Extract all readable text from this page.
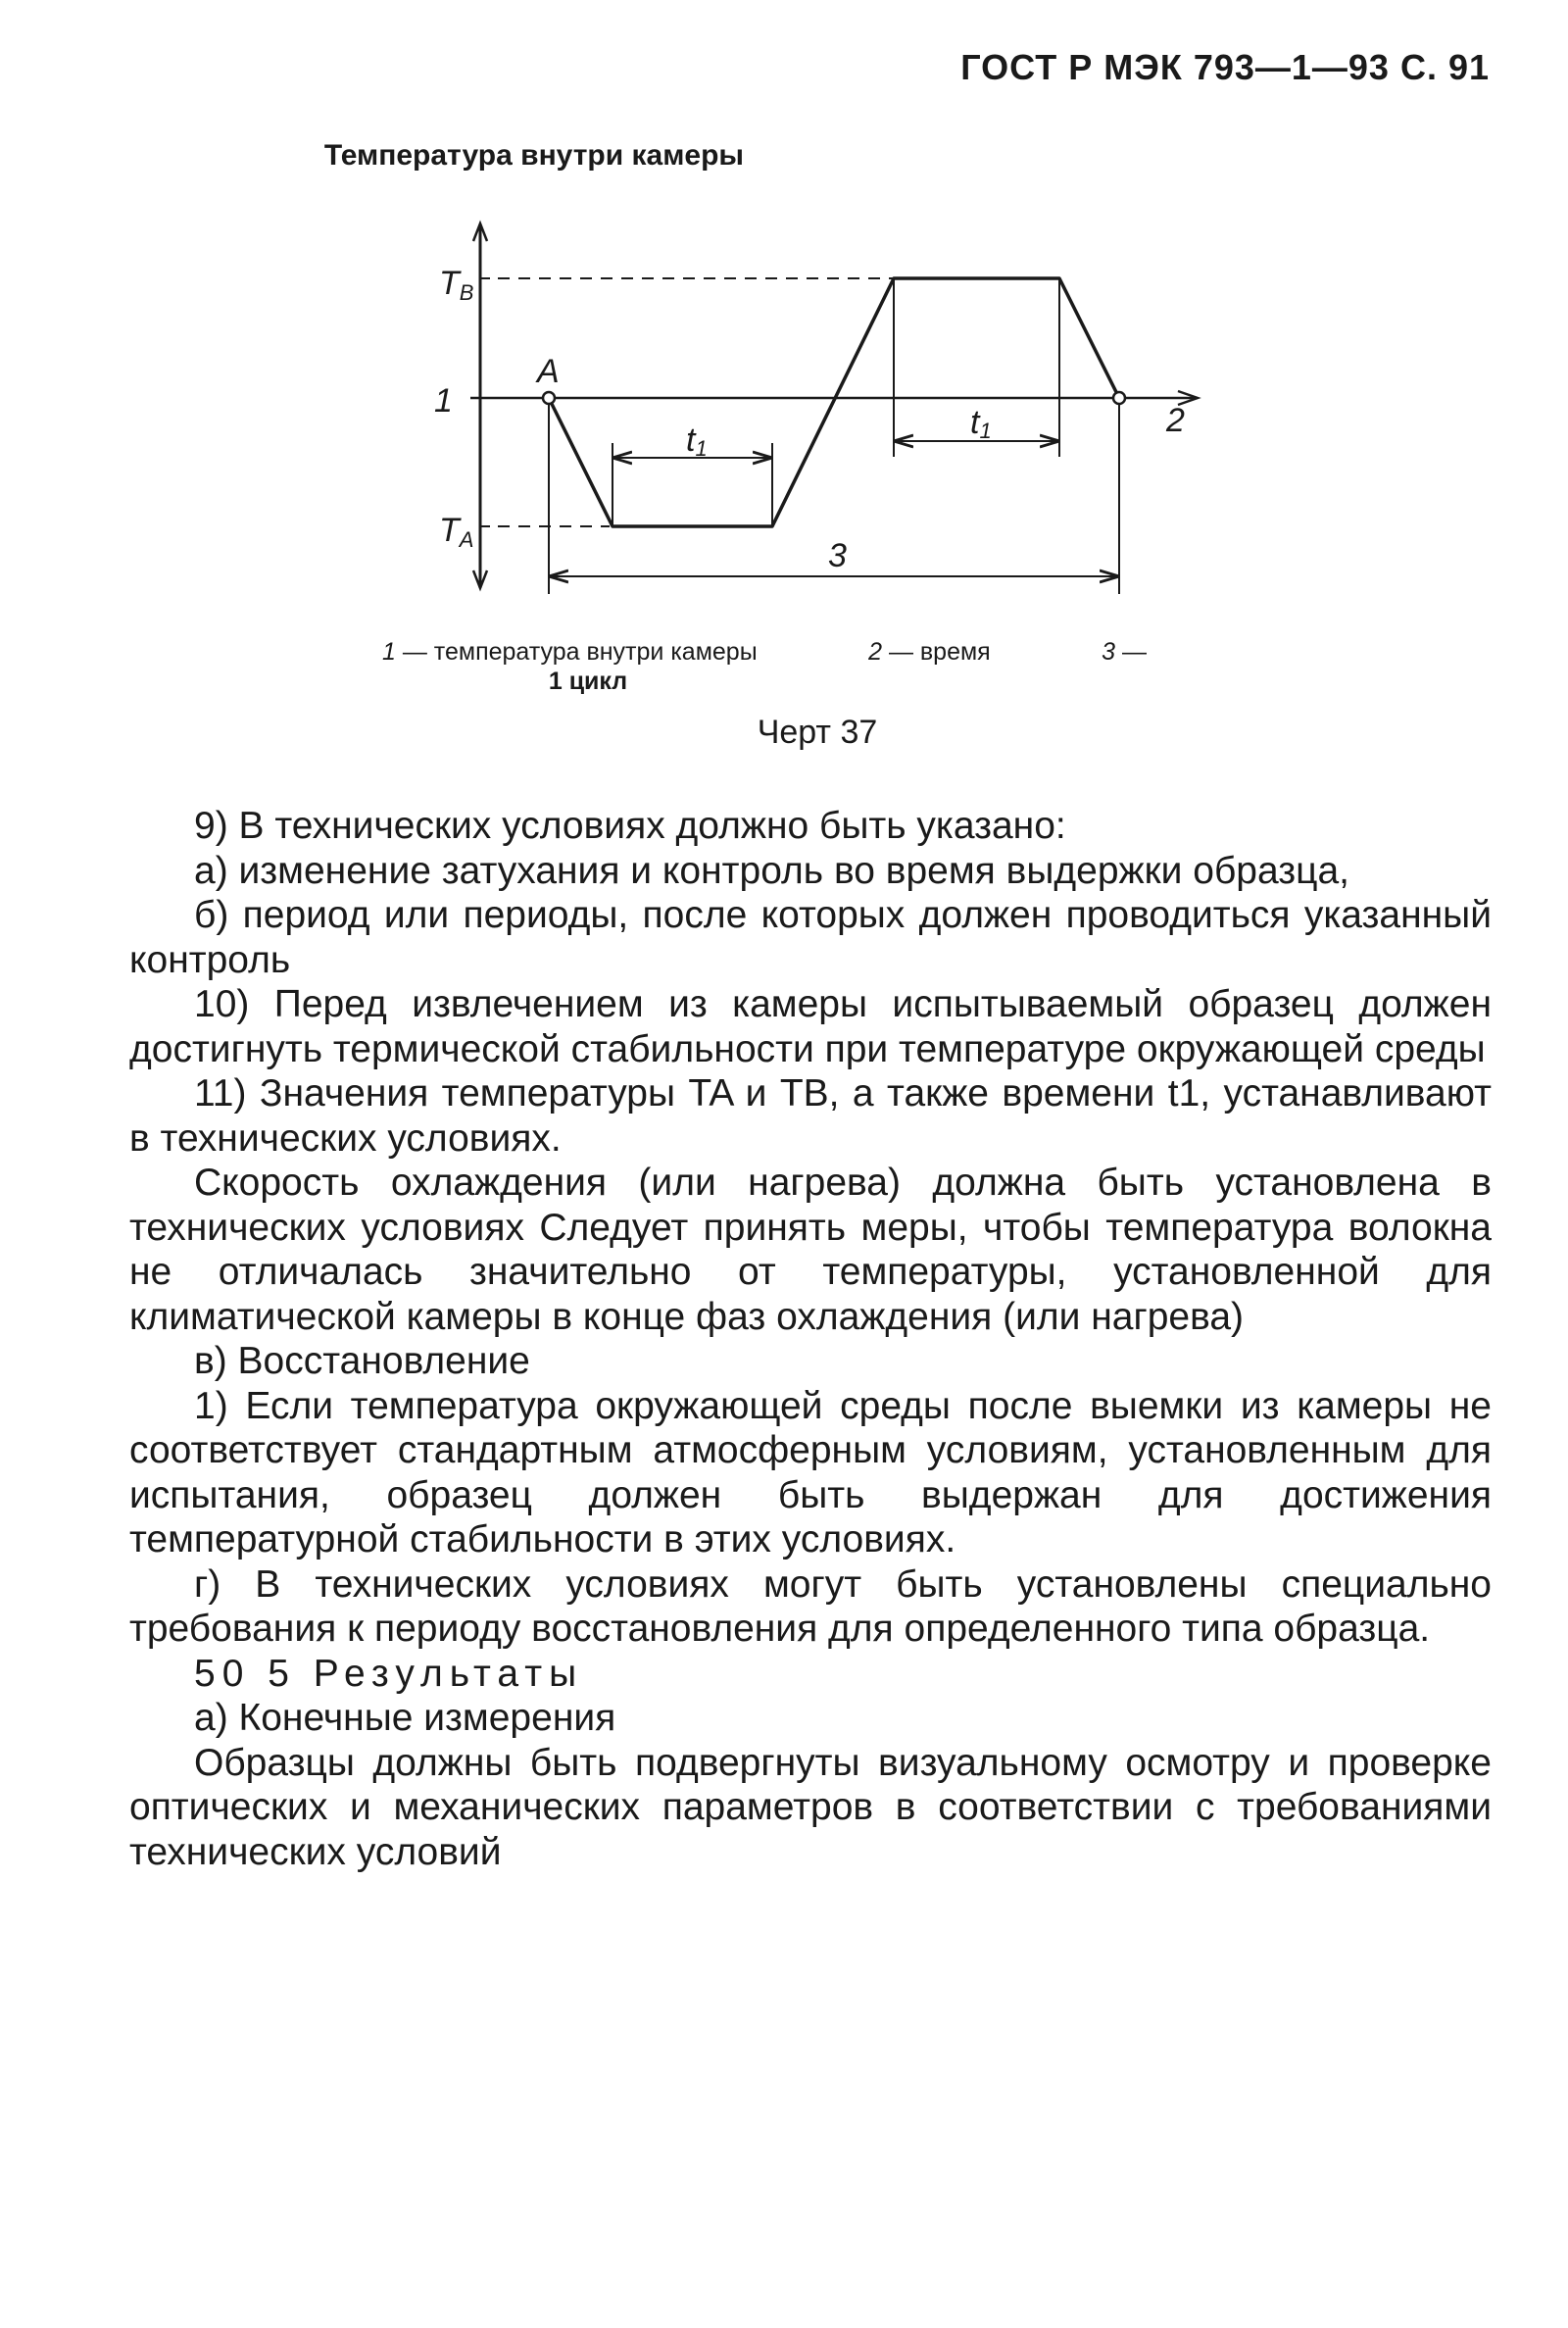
ГОСТ Р МЭК 793—1—93 С. 91
Температура внутри камеры
TB
TA
1
A
2
3
t1
t1
1 — температура внутри камеры	2 — время	3 —
1 цикл
Черт 37

9) В технических условиях должно быть указано:

а) изменение затухания и контроль во время выдержки образца,

б) период или периоды, после которых должен проводиться указанный контроль

10) Перед извлечением из камеры испытываемый образец должен достигнуть термической стабильности при температуре окружающей среды

11) Значения температуры TA и TB, а также времени t1, устанавливают в технических условиях.

Скорость охлаждения (или нагрева) должна быть установлена в технических условиях Следует принять меры, чтобы температура волокна не отличалась значительно от температуры, установленной для климатической камеры в конце фаз охлаждения (или нагрева)

в) Восстановление

1) Если температура окружающей среды после выемки из камеры не соответствует стандартным атмосферным условиям, установленным для испытания, образец должен быть выдержан для достижения температурной стабильности в этих условиях.

г) В технических условиях могут быть установлены специально требования к периоду восстановления для определенного типа образца.

50 5 Результаты

а) Конечные измерения

Образцы должны быть подвергнуты визуальному осмотру и проверке оптических и механических параметров в соответствии с требованиями технических условий
